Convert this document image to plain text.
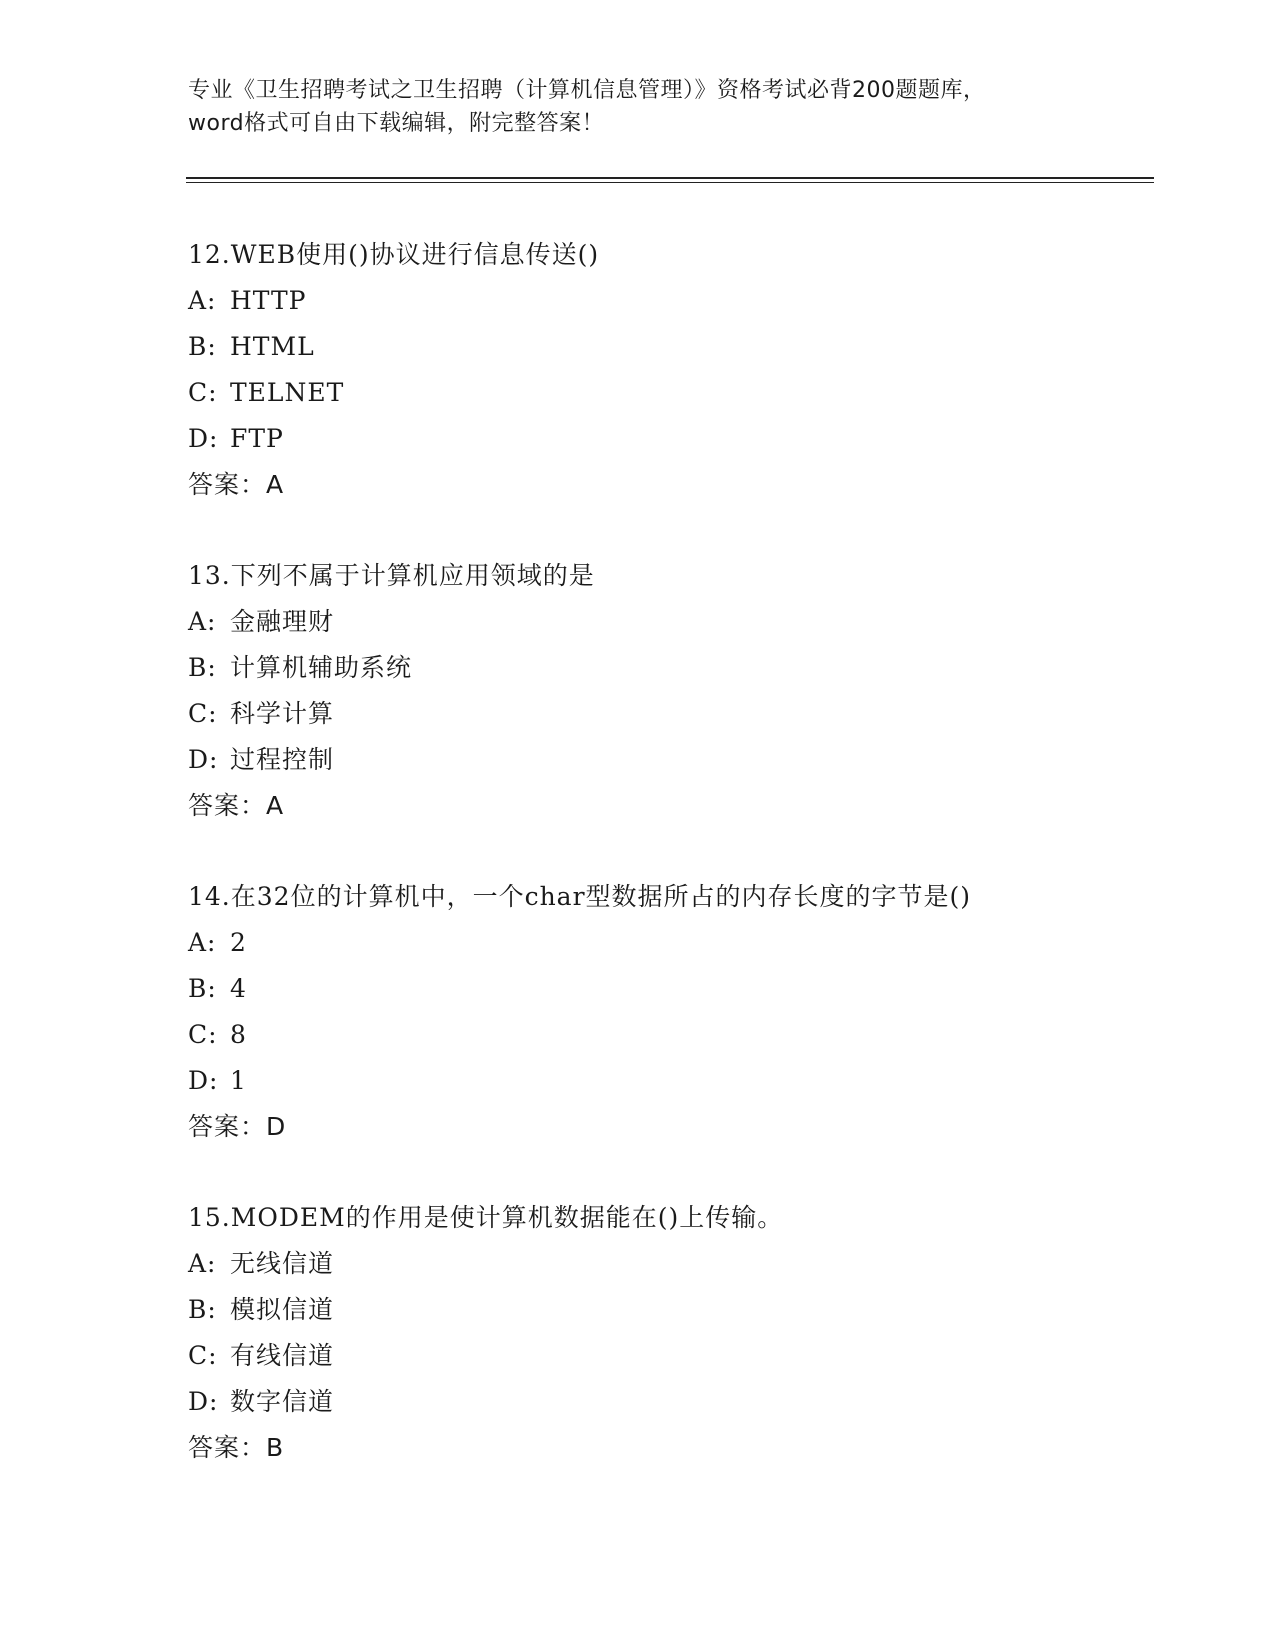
专业《卫生招聘考试之卫生招聘（计算机信息管理）》资格考试必背200题题库，
word格式可自由下载编辑，附完整答案！
12.WEB使用()协议进行信息传送()
A: HTTP
B: HTML
C: TELNET
D: FTP
答案：A
13.下列不属于计算机应用领域的是
A: 金融理财
B: 计算机辅助系统
C: 科学计算
D: 过程控制
答案：A
14.在32位的计算机中，一个char型数据所占的内存长度的字节是()
A: 2
B: 4
C: 8
D: 1
答案：D
15.MODEM的作用是使计算机数据能在()上传输。
A: 无线信道
B: 模拟信道
C: 有线信道
D: 数字信道
答案：B
